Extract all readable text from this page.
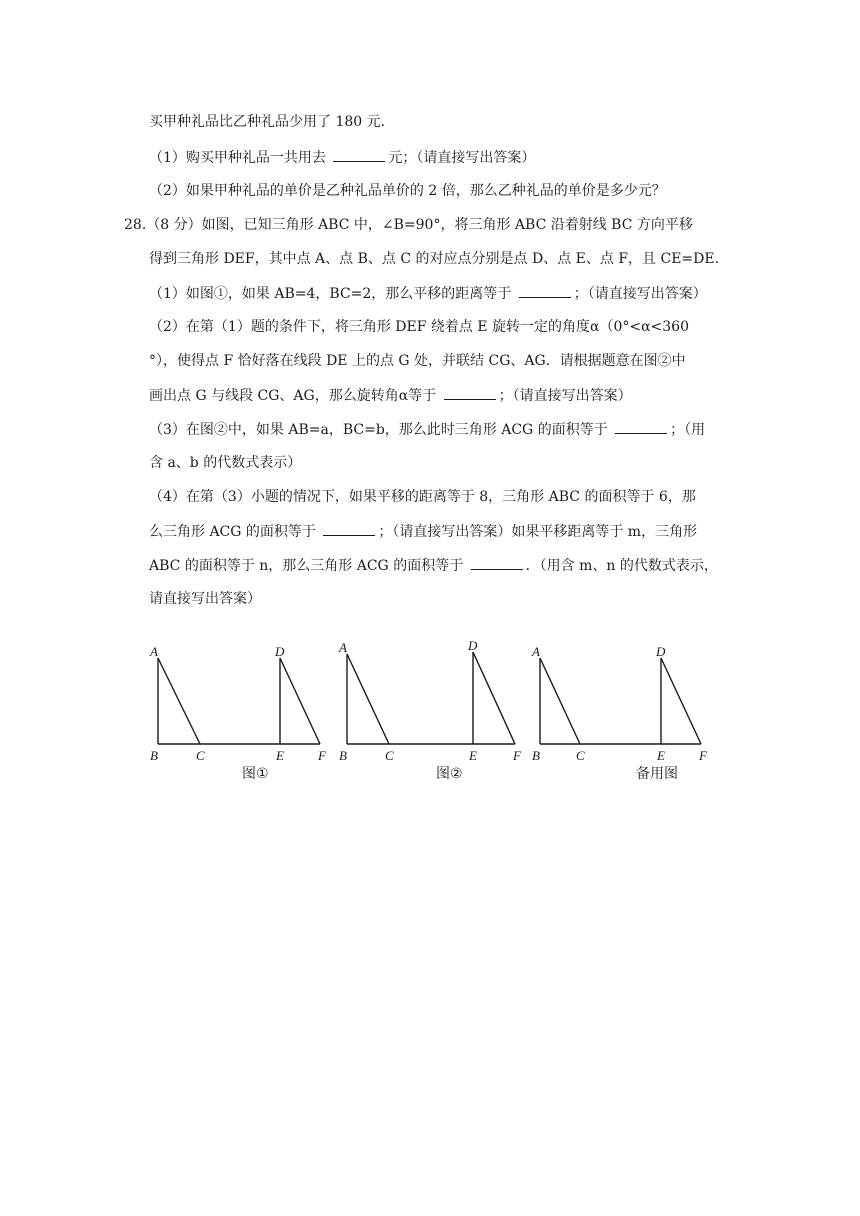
买甲种礼品比乙种礼品少用了 180 元.
（1）购买甲种礼品一共用去	元；（请直接写出答案）
（2）如果甲种礼品的单价是乙种礼品单价的 2 倍，那么乙种礼品的单价是多少元？
28.（8 分）如图，已知三角形 ABC 中，∠B=90°，将三角形 ABC 沿着射线 BC 方向平移
得到三角形 DEF，其中点 A、点 B、点 C 的对应点分别是点 D、点 E、点 F，且 CE=DE.
（1）如图①，如果 AB=4，BC=2，那么平移的距离等于	；（请直接写出答案）
（2）在第（1）题的条件下，将三角形 DEF 绕着点 E 旋转一定的角度α（0°<α<360
°），使得点 F 恰好落在线段 DE 上的点 G 处，并联结 CG、AG．请根据题意在图②中
画出点 G 与线段 CG、AG，那么旋转角α等于	；（请直接写出答案）
（3）在图②中，如果 AB=a，BC=b，那么此时三角形 ACG 的面积等于	；（用
含 a、b 的代数式表示）
（4）在第（3）小题的情况下，如果平移的距离等于 8，三角形 ABC 的面积等于 6，那
么三角形 ACG 的面积等于	；（请直接写出答案）如果平移距离等于 m，三角形
ABC 的面积等于 n，那么三角形 ACG 的面积等于	．（用含 m、n 的代数式表示，
请直接写出答案）
A
B	C
D
E	F
图①
A
B	C
D
E	F
图②
A
B	C
D
E	F
备用图
